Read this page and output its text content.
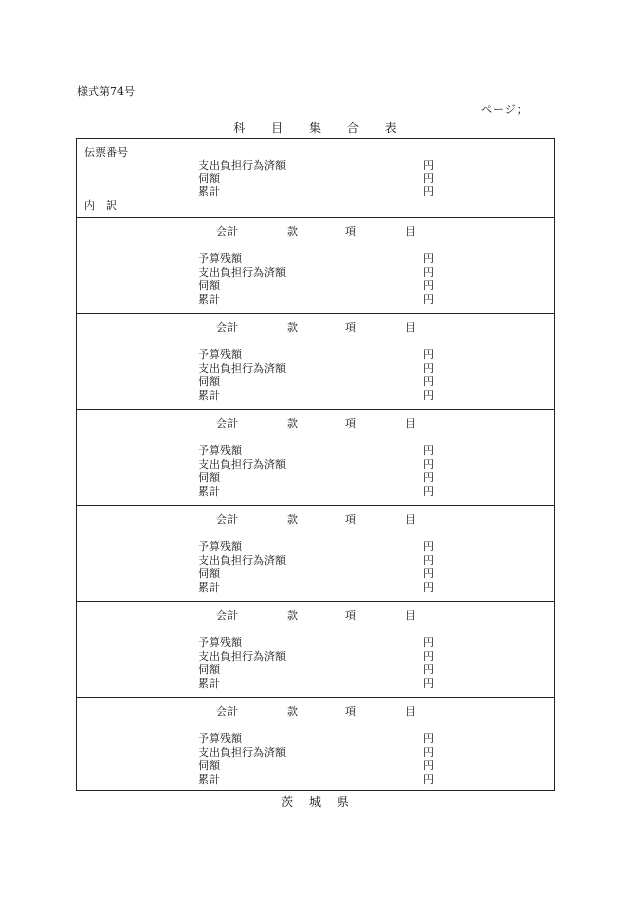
様式第74号
ページ；
科 目 集 合 表
伝票番号
支出負担行為済額	円
伺額	円
累計	円
内　訳
会計	款	項	目
予算残額	円
支出負担行為済額	円
伺額	円
累計	円
会計	款	項	目
予算残額	円
支出負担行為済額	円
伺額	円
累計	円
会計	款	項	目
予算残額	円
支出負担行為済額	円
伺額	円
累計	円
会計	款	項	目
予算残額	円
支出負担行為済額	円
伺額	円
累計	円
会計	款	項	目
予算残額	円
支出負担行為済額	円
伺額	円
累計	円
会計	款	項	目
予算残額	円
支出負担行為済額	円
伺額	円
累計	円
茨 城 県
